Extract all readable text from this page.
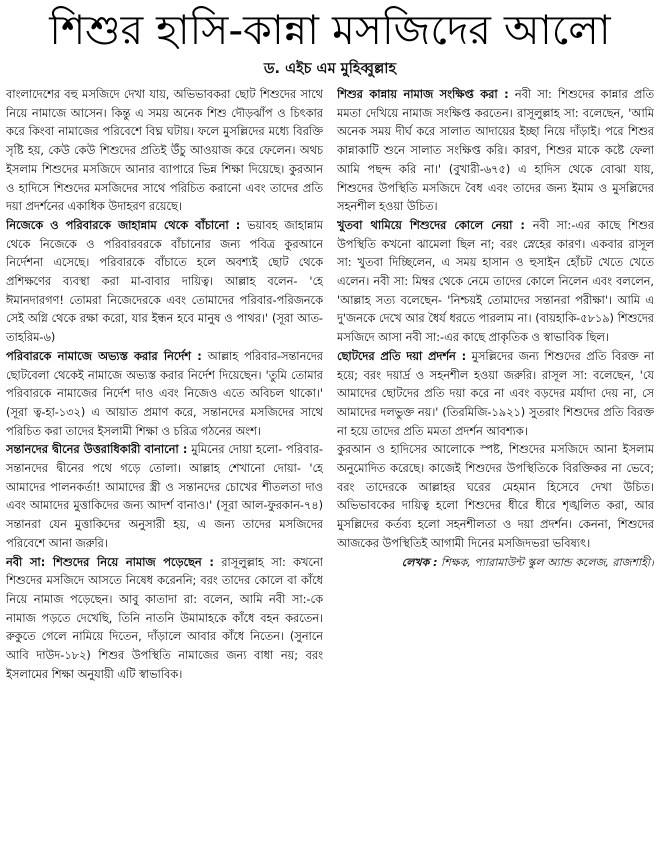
শিশুর হাসি-কান্না মসজিদের আলো
ড. এইচ এম মুহিব্বুল্লাহ

বাংলাদেশের বহু মসজিদে দেখা যায়, অভিভাবকরা ছোট শিশুদের সাথে নিয়ে নামাজে আসেন। কিন্তু এ সময় অনেক শিশু দৌড়ঝাঁপ ও চিৎকার করে কিংবা নামাজের পরিবেশে বিঘ্ন ঘটায়। ফলে মুসল্লিদের মধ্যে বিরক্তি সৃষ্টি হয়, কেউ কেউ শিশুদের প্রতিই উঁচু আওয়াজ করে ফেলেন। অথচ ইসলাম শিশুদের মসজিদে আনার ব্যাপারে ভিন্ন শিক্ষা দিয়েছে। কুরআন ও হাদিসে শিশুদের মসজিদের সাথে পরিচিত করানো এবং তাদের প্রতি দয়া প্রদর্শনের একাধিক উদাহরণ রয়েছে।

নিজেকে ও পরিবারকে জাহান্নাম থেকে বাঁচানো : ভয়াবহ জাহান্নাম থেকে নিজেকে ও পরিবারবরকে বাঁচানোর জন্য পবিত্র কুরআনে নির্দেশনা এসেছে। পরিবারকে বাঁচাতে হলে অবশ্যই ছোট থেকে প্রশিক্ষণের ব্যবস্থা করা মা-বাবার দায়িত্ব। আল্লাহ বলেন- 'হে ঈমানদারগণ! তোমরা নিজেদেরকে এবং তোমাদের পরিবার-পরিজনকে সেই অগ্নি থেকে রক্ষা করো, যার ইন্ধন হবে মানুষ ও পাথর।' (সূরা আত-তাহরিম-৬)

পরিবারকে নামাজে অভ্যস্ত করার নির্দেশ : আল্লাহ পরিবার-সন্তানদের ছোটবেলা থেকেই নামাজে অভ্যস্ত করার নির্দেশ দিয়েছেন। 'তুমি তোমার পরিবারকে নামাজের নির্দেশ দাও এবং নিজেও এতে অবিচল থাকো।' (সূরা ত্ব-হা-১৩২) এ আয়াত প্রমাণ করে, সন্তানদের মসজিদের সাথে পরিচিত করা তাদের ইসলামী শিক্ষা ও চরিত্র গঠনের অংশ।

সন্তানদের দ্বীনের উত্তরাধিকারী বানানো : মুমিনের দোয়া হলো- পরিবার-সন্তানদের দ্বীনের পথে গড়ে তোলা। আল্লাহ শেখানো দোয়া- 'হে আমাদের পালনকর্তা! আমাদের স্ত্রী ও সন্তানদের চোখের শীতলতা দাও এবং আমাদের মুত্তাকিদের জন্য আদর্শ বানাও।' (সূরা আল-ফুরকান-৭৪) সন্তানরা যেন মুত্তাকিদের অনুসারী হয়, এ জন্য তাদের মসজিদের পরিবেশে আনা জরুরি।

নবী সা: শিশুদের নিয়ে নামাজ পড়েছেন : রাসূলুল্লাহ সা: কখনো শিশুদের মসজিদে আসতে নিষেধ করেননি; বরং তাদের কোলে বা কাঁধে নিয়ে নামাজ পড়েছেন। আবু কাতাদা রা: বলেন, আমি নবী সা:-কে নামাজ পড়তে দেখেছি, তিনি নাতনি উমামাহকে কাঁধে বহন করতেন। রুকুতে গেলে নামিয়ে দিতেন, দাঁড়ালে আবার কাঁধে নিতেন। (সুনানে আবি দাউদ-১৮২) শিশুর উপস্থিতি নামাজের জন্য বাধা নয়; বরং ইসলামের শিক্ষা অনুযায়ী এটি স্বাভাবিক।

শিশুর কান্নায় নামাজ সংক্ষিপ্ত করা : নবী সা: শিশুদের কান্নার প্রতি মমতা দেখিয়ে নামাজ সংক্ষিপ্ত করতেন। রাসূলুল্লাহ সা: বলেছেন, 'আমি অনেক সময় দীর্ঘ করে সালাত আদায়ের ইচ্ছা নিয়ে দাঁড়াই। পরে শিশুর কান্নাকাটি শুনে সালাত সংক্ষিপ্ত করি। কারণ, শিশুর মাকে কষ্টে ফেলা আমি পছন্দ করি না।' (বুখারী-৬৭৫) এ হাদিস থেকে বোঝা যায়, শিশুদের উপস্থিতি মসজিদে বৈধ এবং তাদের জন্য ইমাম ও মুসল্লিদের সহনশীল হওয়া উচিত।

খুতবা থামিয়ে শিশুদের কোলে নেয়া : নবী সা:-এর কাছে শিশুর উপস্থিতি কখনো ঝামেলা ছিল না; বরং স্নেহের কারণ। একবার রাসূল সা: খুতবা দিচ্ছিলেন, এ সময় হাসান ও হুসাইন হোঁচট খেতে খেতে এলেন। নবী সা: মিম্বর থেকে নেমে তাদের কোলে নিলেন এবং বললেন, 'আল্লাহ সত্য বলেছেন- 'নিশ্চয়ই তোমাদের সন্তানরা পরীক্ষা'। আমি এ দু'জনকে দেখে আর ধৈর্য ধরতে পারলাম না। (বায়হাকি-৫৮১৯) শিশুদের মসজিদে আসা নবী সা:-এর কাছে প্রাকৃতিক ও স্বাভাবিক ছিল।

ছোটদের প্রতি দয়া প্রদর্শন : মুসল্লিদের জন্য শিশুদের প্রতি বিরক্ত না হয়ে; বরং দয়ার্দ্র ও সহনশীল হওয়া জরুরি। রাসূল সা: বলেছেন, 'যে আমাদের ছোটদের প্রতি দয়া করে না এবং বড়দের মর্যাদা দেয় না, সে আমাদের দলভুক্ত নয়।' (তিরমিজি-১৯২১) সুতরাং শিশুদের প্রতি বিরক্ত না হয়ে তাদের প্রতি মমতা প্রদর্শন আবশ্যক।

কুরআন ও হাদিসের আলোকে স্পষ্ট, শিশুদের মসজিদে আনা ইসলাম অনুমোদিত করেছে। কাজেই শিশুদের উপস্থিতিকে বিরক্তিকর না ভেবে; বরং তাদেরকে আল্লাহর ঘরের মেহমান হিসেবে দেখা উচিত। অভিভাবকের দায়িত্ব হলো শিশুদের ধীরে ধীরে শৃঙ্খলিত করা, আর মুসল্লিদের কর্তব্য হলো সহনশীলতা ও দয়া প্রদর্শন। কেননা, শিশুদের আজকের উপস্থিতিই আগামী দিনের মসজিদভরা ভবিষ্যৎ।

লেখক : শিক্ষক, প্যারামাউন্ট স্কুল অ্যান্ড কলেজ, রাজশাহী।
